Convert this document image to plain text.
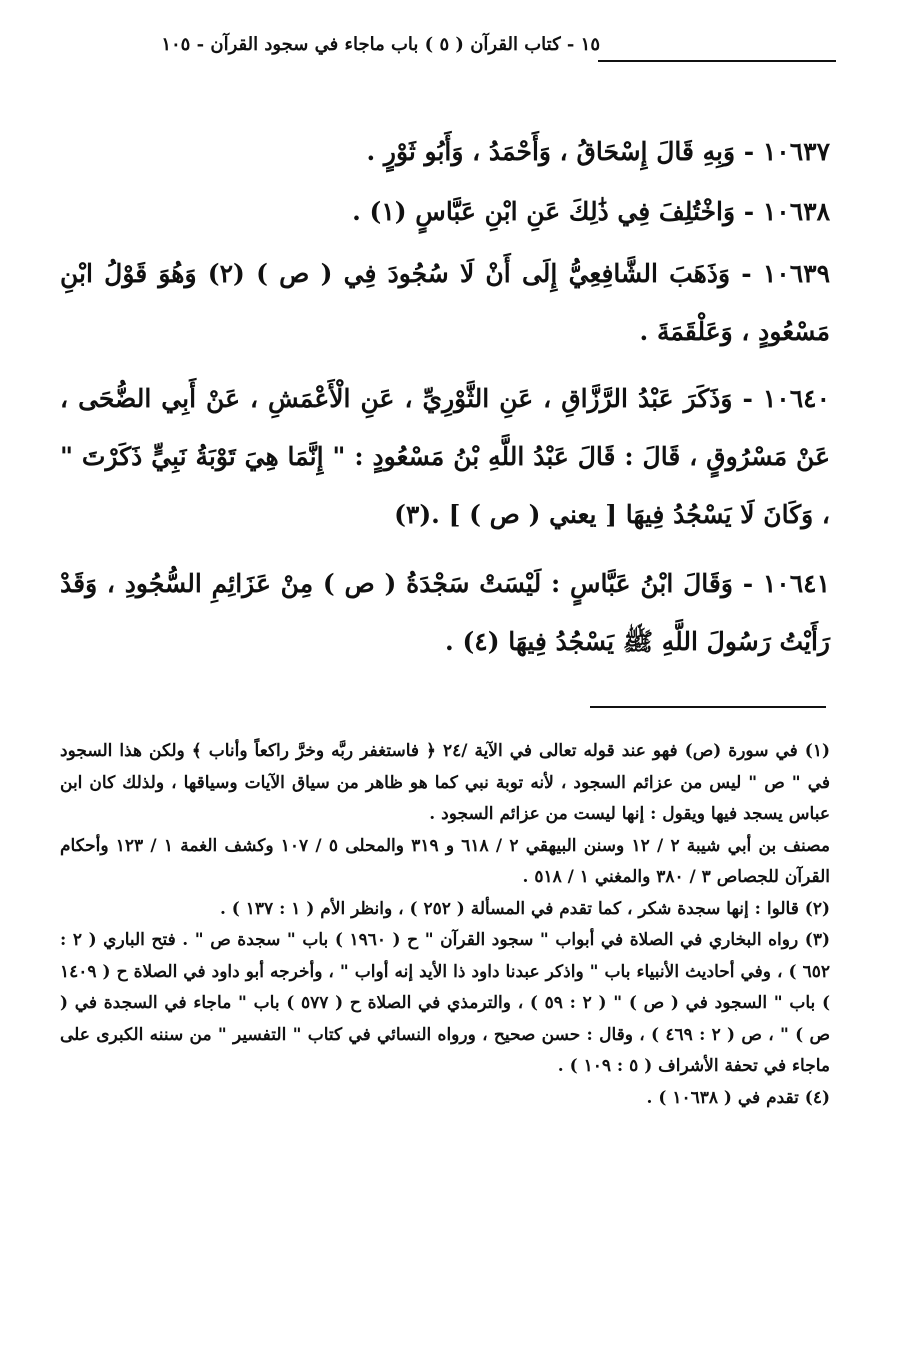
١٥ - كتاب القرآن ( ٥ ) باب ماجاء في سجود القرآن - ١٠٥

١٠٦٣٧ - وَبِهِ قَالَ إِسْحَاقُ ، وَأَحْمَدُ ، وَأَبُو ثَوْرٍ .

١٠٦٣٨ - وَاخْتُلِفَ فِي ذَٰلِكَ عَنِ ابْنِ عَبَّاسٍ (١) .

١٠٦٣٩ - وَذَهَبَ الشَّافِعِيُّ إِلَى أَنْ لَا سُجُودَ فِي ( ص ) (٢) وَهُوَ قَوْلُ ابْنِ مَسْعُودٍ ، وَعَلْقَمَةَ .

١٠٦٤٠ - وَذَكَرَ عَبْدُ الرَّزَّاقِ ، عَنِ الثَّوْرِيِّ ، عَنِ الْأَعْمَشِ ، عَنْ أَبِي الضُّحَى ، عَنْ مَسْرُوقٍ ، قَالَ : قَالَ عَبْدُ اللَّهِ بْنُ مَسْعُودٍ : " إِنَّمَا هِيَ تَوْبَةُ نَبِيٍّ ذَكَرْتَ " ، وَكَانَ لَا يَسْجُدُ فِيهَا [ يعني ( ص ) ] .(٣)

١٠٦٤١ - وَقَالَ ابْنُ عَبَّاسٍ : لَيْسَتْ سَجْدَةُ ( ص ) مِنْ عَزَائِمِ السُّجُودِ ، وَقَدْ رَأَيْتُ رَسُولَ اللَّهِ ﷺ يَسْجُدُ فِيهَا (٤) .

(١) في سورة (ص) فهو عند قوله تعالى في الآية /٢٤ ﴿ فاستغفر ربَّه وخرَّ راكعاً وأناب ﴾ ولكن هذا السجود في " ص " ليس من عزائم السجود ، لأنه توبة نبي كما هو ظاهر من سياق الآيات وسياقها ، ولذلك كان ابن عباس يسجد فيها ويقول : إنها ليست من عزائم السجود .

مصنف بن أبي شيبة ٢ / ١٢ وسنن البيهقي ٢ / ٦١٨ و ٣١٩ والمحلى ٥ / ١٠٧ وكشف الغمة ١ / ١٢٣ وأحكام القرآن للجصاص ٣ / ٣٨٠ والمغني ١ / ٥١٨ .

(٢) قالوا : إنها سجدة شكر ، كما تقدم في المسألة ( ٢٥٢ ) ، وانظر الأم ( ١ : ١٣٧ ) .

(٣) رواه البخاري في الصلاة في أبواب " سجود القرآن " ح ( ١٩٦٠ ) باب " سجدة ص " . فتح الباري ( ٢ : ٦٥٢ ) ، وفي أحاديث الأنبياء باب " واذكر عبدنا داود ذا الأيد إنه أواب " ، وأخرجه أبو داود في الصلاة ح ( ١٤٠٩ ) باب " السجود في ( ص ) " ( ٢ : ٥٩ ) ، والترمذي في الصلاة ح ( ٥٧٧ ) باب " ماجاء في السجدة في ( ص ) " ، ص ( ٢ : ٤٦٩ ) ، وقال : حسن صحيح ، ورواه النسائي في كتاب " التفسير " من سننه الكبرى على ماجاء في تحفة الأشراف ( ٥ : ١٠٩ ) .

(٤) تقدم في ( ١٠٦٣٨ ) .
